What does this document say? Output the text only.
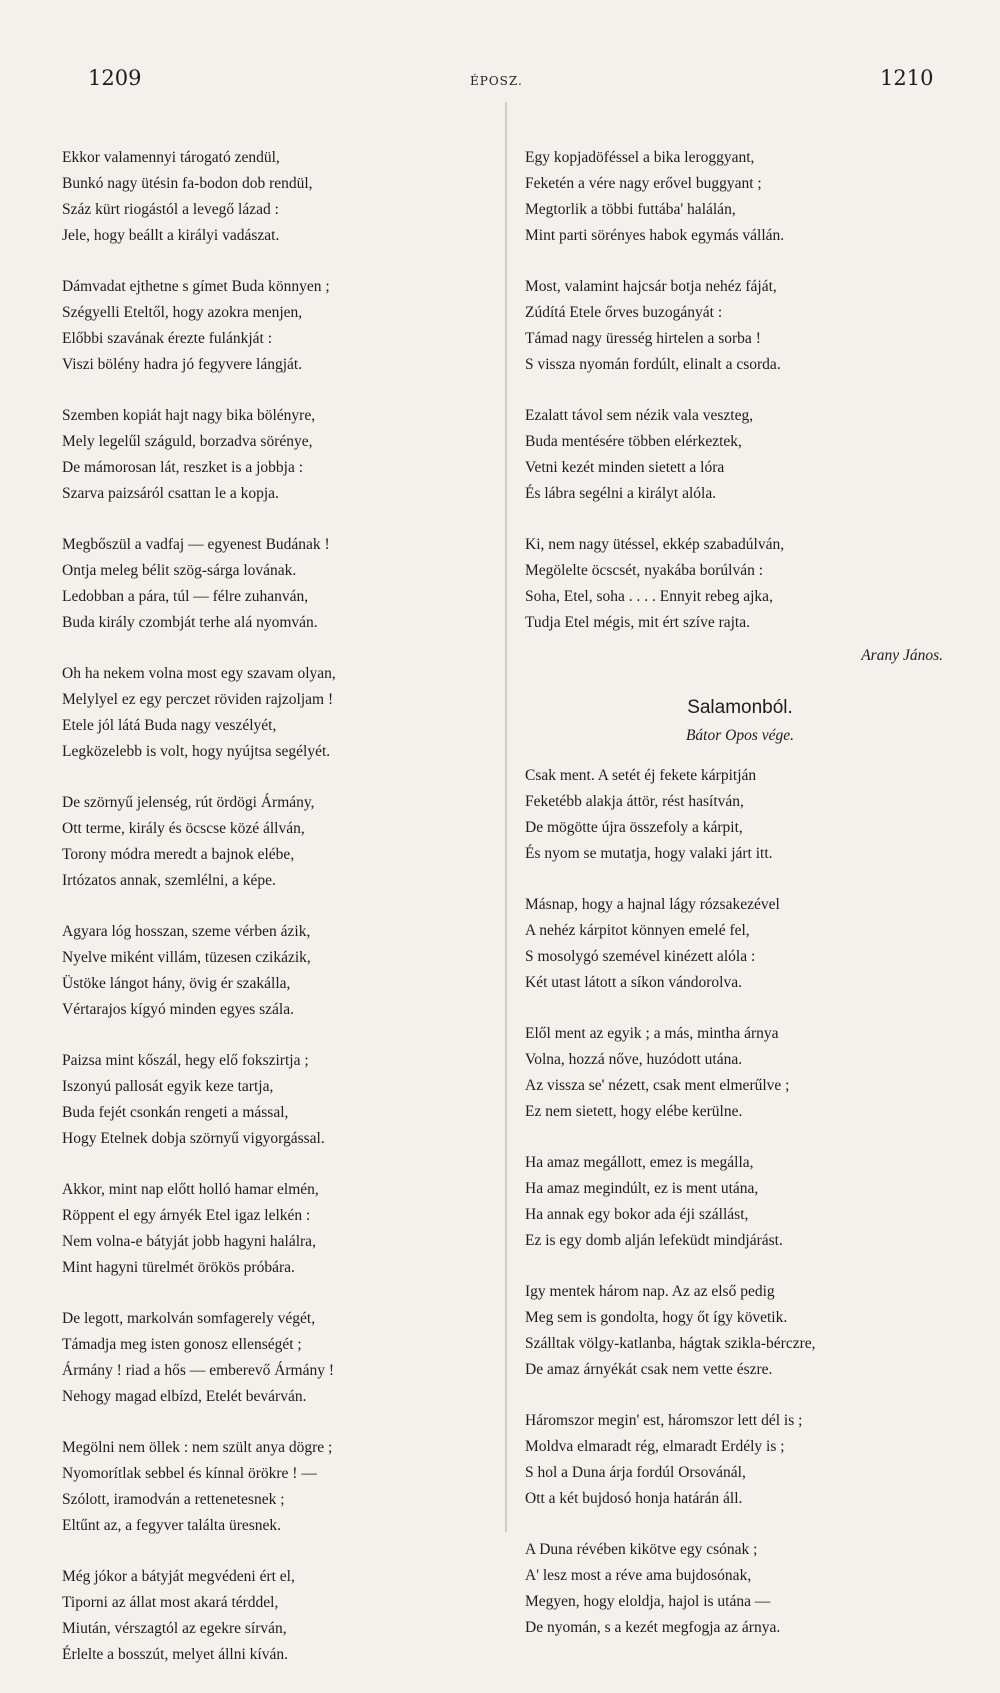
1209	ÉPOSZ.	1210
Ekkor valamennyi tárogató zendül,
Bunkó nagy ütésin fa-bodon dob rendül,
Száz kürt riogástól a levegő lázad :
Jele, hogy beállt a királyi vadászat.
Dámvadat ejthetne s gímet Buda könnyen ;
Szégyelli Eteltől, hogy azokra menjen,
Előbbi szavának érezte fulánkját :
Viszi bölény hadra jó fegyvere lángját.
Szemben kopiát hajt nagy bika bölényre,
Mely legelűl száguld, borzadva sörénye,
De mámorosan lát, reszket is a jobbja :
Szarva paizsáról csattan le a kopja.
Megbőszül a vadfaj — egyenest Budának !
Ontja meleg bélit szög-sárga lovának.
Ledobban a pára, túl — félre zuhanván,
Buda király czombját terhe alá nyomván.
Oh ha nekem volna most egy szavam olyan,
Melylyel ez egy perczet röviden rajzoljam !
Etele jól látá Buda nagy veszélyét,
Legközelebb is volt, hogy nyújtsa segélyét.
De szörnyű jelenség, rút ördögi Ármány,
Ott terme, király és öcscse közé állván,
Torony módra meredt a bajnok elébe,
Irtózatos annak, szemlélni, a képe.
Agyara lóg hosszan, szeme vérben ázik,
Nyelve miként villám, tüzesen czikázik,
Üstöke lángot hány, övig ér szakálla,
Vértarajos kígyó minden egyes szála.
Paizsa mint kőszál, hegy elő fokszirtja ;
Iszonyú pallosát egyik keze tartja,
Buda fejét csonkán rengeti a mással,
Hogy Etelnek dobja szörnyű vigyorgással.
Akkor, mint nap előtt holló hamar elmén,
Röppent el egy árnyék Etel igaz lelkén :
Nem volna-e bátyját jobb hagyni halálra,
Mint hagyni türelmét örökös próbára.
De legott, markolván somfagerely végét,
Támadja meg isten gonosz ellenségét ;
Ármány ! riad a hős — emberevő Ármány !
Nehogy magad elbízd, Etelét bevárván.
Megölni nem öllek : nem szült anya dögre ;
Nyomorítlak sebbel és kínnal örökre ! —
Szólott, iramodván a rettenetesnek ;
Eltűnt az, a fegyver találta üresnek.
Még jókor a bátyját megvédeni ért el,
Tiporni az állat most akará térddel,
Miután, vérszagtól az egekre sírván,
Érlelte a bosszút, melyet állni kíván.
Egy kopjadöféssel a bika leroggyant,
Feketén a vére nagy erővel buggyant ;
Megtorlik a többi futtába' halálán,
Mint parti sörényes habok egymás vállán.
Most, valamint hajcsár botja nehéz fáját,
Zúdítá Etele őrves buzogányát :
Támad nagy üresség hirtelen a sorba !
S vissza nyomán fordúlt, elinalt a csorda.
Ezalatt távol sem nézik vala veszteg,
Buda mentésére többen elérkeztek,
Vetni kezét minden sietett a lóra
És lábra segélni a királyt alóla.
Ki, nem nagy ütéssel, ekkép szabadúlván,
Megölelte öcscsét, nyakába borúlván :
Soha, Etel, soha . . . . Ennyit rebeg ajka,
Tudja Etel mégis, mit ért szíve rajta.
Arany János.
Salamonból.
Bátor Opos vége.
Csak ment. A setét éj fekete kárpitján
Feketébb alakja áttör, rést hasítván,
De mögötte újra összefoly a kárpit,
És nyom se mutatja, hogy valaki járt itt.
Másnap, hogy a hajnal lágy rózsakezével
A nehéz kárpitot könnyen emelé fel,
S mosolygó szemével kinézett alóla :
Két utast látott a síkon vándorolva.
Elől ment az egyik ; a más, mintha árnya
Volna, hozzá nőve, huzódott utána.
Az vissza se' nézett, csak ment elmerűlve ;
Ez nem sietett, hogy elébe kerülne.
Ha amaz megállott, emez is megálla,
Ha amaz megindúlt, ez is ment utána,
Ha annak egy bokor ada éji szállást,
Ez is egy domb alján lefeküdt mindjárást.
Igy mentek három nap. Az az első pedig
Meg sem is gondolta, hogy őt így követik.
Szálltak völgy-katlanba, hágtak szikla-bérczre,
De amaz árnyékát csak nem vette észre.
Háromszor megin' est, háromszor lett dél is ;
Moldva elmaradt rég, elmaradt Erdély is ;
S hol a Duna árja fordúl Orsovánál,
Ott a két bujdosó honja határán áll.
A Duna révében kikötve egy csónak ;
A' lesz most a réve ama bujdosónak,
Megyen, hogy eloldja, hajol is utána —
De nyomán, s a kezét megfogja az árnya.
